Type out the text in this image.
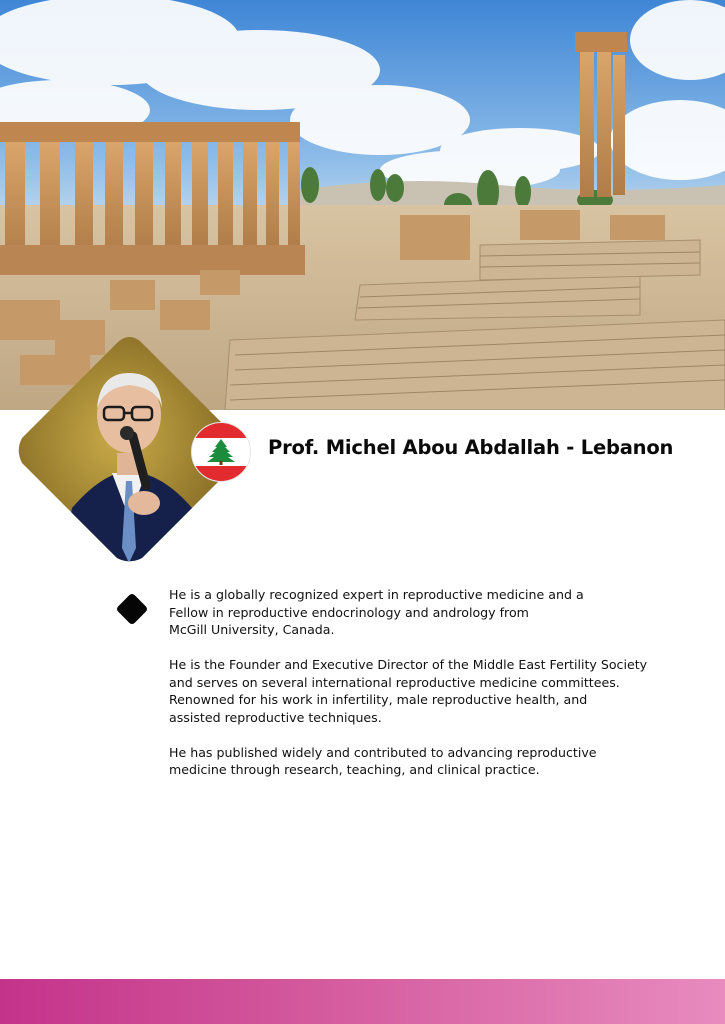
Prof. Michel Abou Abdallah - Lebanon

He is a globally recognized expert in reproductive medicine and a
Fellow in reproductive endocrinology and andrology from
McGill University, Canada.

He is the Founder and Executive Director of the Middle East Fertility Society
and serves on several international reproductive medicine committees.
Renowned for his work in infertility, male reproductive health, and
assisted reproductive techniques.

He has published widely and contributed to advancing reproductive
medicine through research, teaching, and clinical practice.
